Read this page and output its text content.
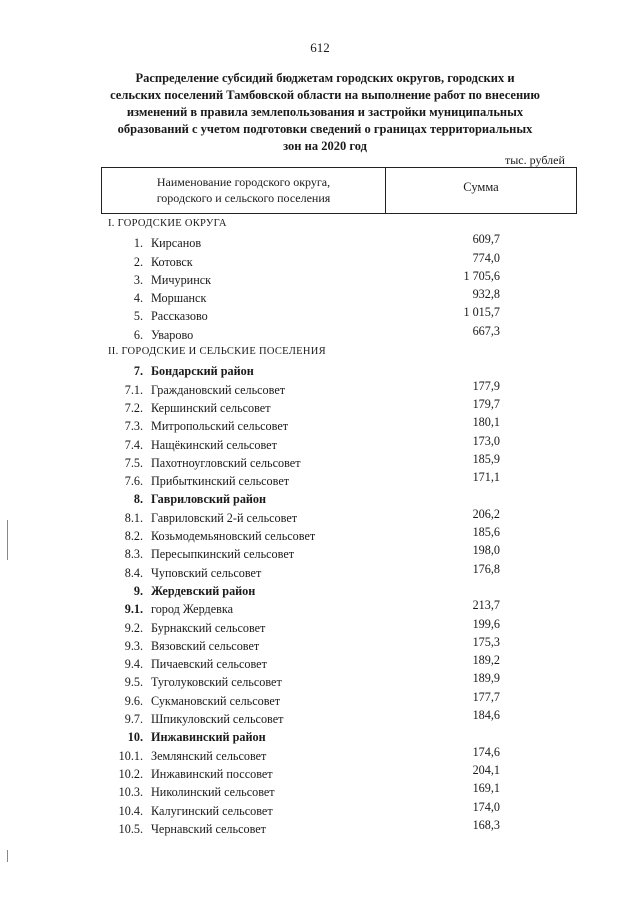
612
Распределение субсидий бюджетам городских округов, городских и
сельских поселений Тамбовской области на выполнение работ по внесению
изменений в правила землепользования и застройки муниципальных
образований с учетом подготовки сведений о границах территориальных
зон на 2020 год
тыс. рублей
Наименование городского округа,
городского и сельского поселения
Сумма
I. ГОРОДСКИЕ ОКРУГА
1. Кирсанов	609,7
2. Котовск	774,0
3. Мичуринск	1 705,6
4. Моршанск	932,8
5. Рассказово	1 015,7
6. Уварово	667,3
II. ГОРОДСКИЕ И СЕЛЬСКИЕ ПОСЕЛЕНИЯ
7. Бондарский район
7.1. Граждановский сельсовет	177,9
7.2. Кершинский сельсовет	179,7
7.3. Митропольский сельсовет	180,1
7.4. Нащёкинский сельсовет	173,0
7.5. Пахотноугловский сельсовет	185,9
7.6. Прибыткинский сельсовет	171,1
8. Гавриловский район
8.1. Гавриловский 2-й сельсовет	206,2
8.2. Козьмодемьяновский сельсовет	185,6
8.3. Пересыпкинский сельсовет	198,0
8.4. Чуповский сельсовет	176,8
9. Жердевский район
9.1. город Жердевка	213,7
9.2. Бурнакский сельсовет	199,6
9.3. Вязовский сельсовет	175,3
9.4. Пичаевский сельсовет	189,2
9.5. Туголуковский сельсовет	189,9
9.6. Сукмановский сельсовет	177,7
9.7. Шпикуловский сельсовет	184,6
10. Инжавинский район
10.1. Землянский сельсовет	174,6
10.2. Инжавинский поссовет	204,1
10.3. Николинский сельсовет	169,1
10.4. Калугинский сельсовет	174,0
10.5. Чернавский сельсовет	168,3
